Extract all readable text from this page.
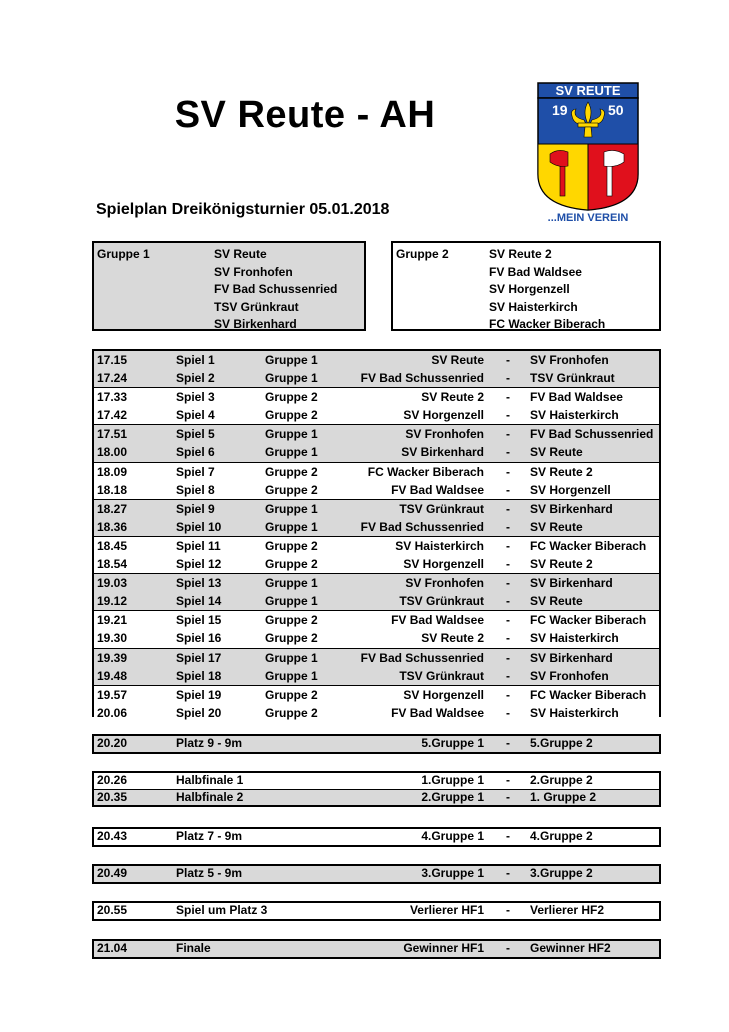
SV Reute - AH
Spielplan Dreikönigsturnier 05.01.2018
SV REUTE
19	50
...MEIN VEREIN
Gruppe 1	SV Reute
SV Fronhofen
FV Bad Schussenried
TSV Grünkraut
SV Birkenhard
Gruppe 2	SV Reute 2
FV Bad Waldsee
SV Horgenzell
SV Haisterkirch
FC Wacker Biberach
17.15	Spiel 1	Gruppe 1	SV Reute - SV Fronhofen
17.24	Spiel 2	Gruppe 1	FV Bad Schussenried - TSV Grünkraut
17.33	Spiel 3	Gruppe 2	SV Reute 2 - FV Bad Waldsee
17.42	Spiel 4	Gruppe 2	SV Horgenzell - SV Haisterkirch
17.51	Spiel 5	Gruppe 1	SV Fronhofen - FV Bad Schussenried
18.00	Spiel 6	Gruppe 1	SV Birkenhard - SV Reute
18.09	Spiel 7	Gruppe 2	FC Wacker Biberach - SV Reute 2
18.18	Spiel 8	Gruppe 2	FV Bad Waldsee - SV Horgenzell
18.27	Spiel 9	Gruppe 1	TSV Grünkraut - SV Birkenhard
18.36	Spiel 10	Gruppe 1	FV Bad Schussenried - SV Reute
18.45	Spiel 11	Gruppe 2	SV Haisterkirch - FC Wacker Biberach
18.54	Spiel 12	Gruppe 2	SV Horgenzell - SV Reute 2
19.03	Spiel 13	Gruppe 1	SV Fronhofen - SV Birkenhard
19.12	Spiel 14	Gruppe 1	TSV Grünkraut - SV Reute
19.21	Spiel 15	Gruppe 2	FV Bad Waldsee - FC Wacker Biberach
19.30	Spiel 16	Gruppe 2	SV Reute 2 - SV Haisterkirch
19.39	Spiel 17	Gruppe 1	FV Bad Schussenried - SV Birkenhard
19.48	Spiel 18	Gruppe 1	TSV Grünkraut - SV Fronhofen
19.57	Spiel 19	Gruppe 2	SV Horgenzell - FC Wacker Biberach
20.06	Spiel 20	Gruppe 2	FV Bad Waldsee - SV Haisterkirch
20.20	Platz 9 - 9m	5.Gruppe 1 - 5.Gruppe 2
20.26	Halbfinale 1	1.Gruppe 1 - 2.Gruppe 2
20.35	Halbfinale 2	2.Gruppe 1 - 1. Gruppe 2
20.43	Platz 7 - 9m	4.Gruppe 1 - 4.Gruppe 2
20.49	Platz 5 - 9m	3.Gruppe 1 - 3.Gruppe 2
20.55	Spiel um Platz 3	Verlierer HF1 - Verlierer HF2
21.04	Finale	Gewinner HF1 - Gewinner HF2
